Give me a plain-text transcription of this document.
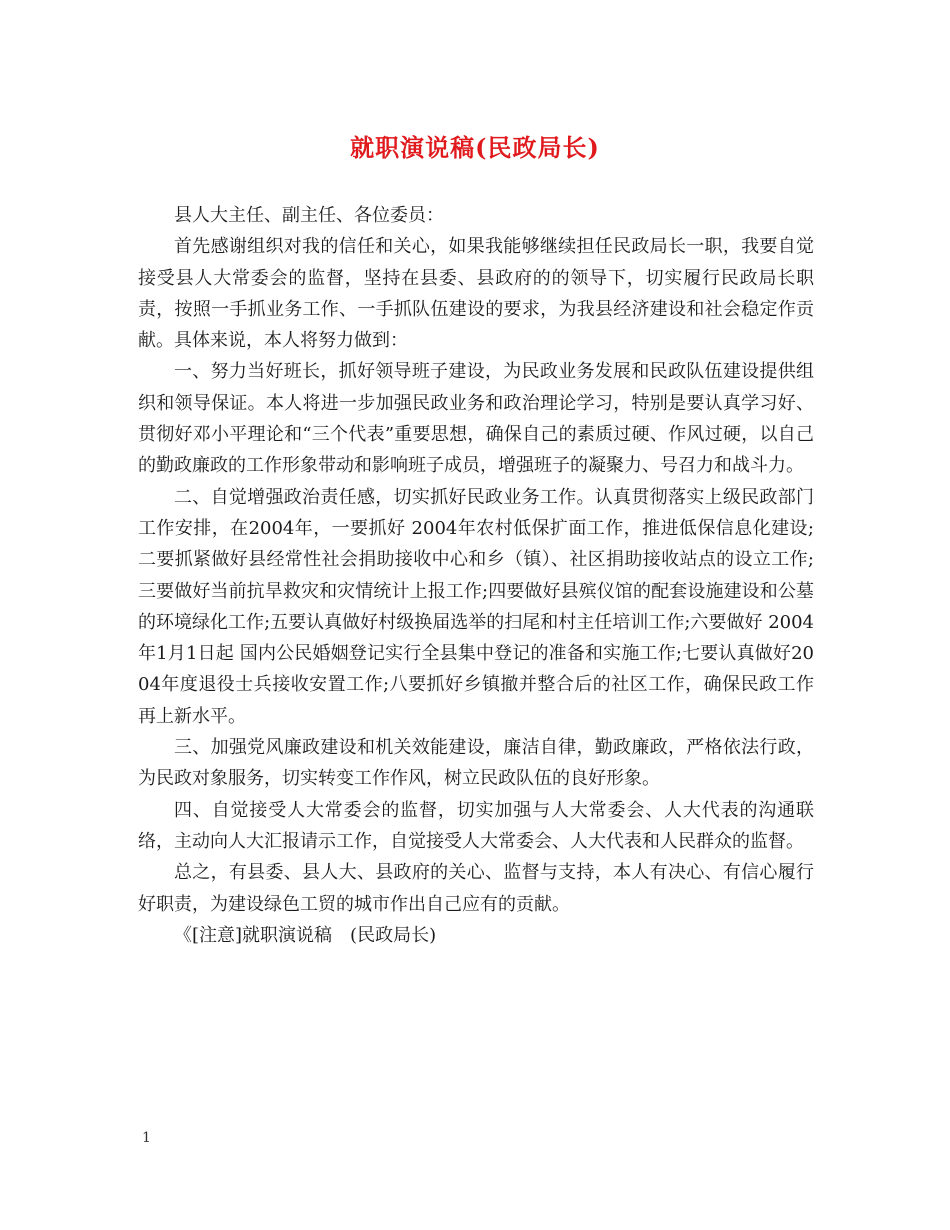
就职演说稿(民政局长)

县人大主任、副主任、各位委员：

首先感谢组织对我的信任和关心，如果我能够继续担任民政局长一职，我要自觉接受县人大常委会的监督，坚持在县委、县政府的的领导下，切实履行民政局长职责，按照一手抓业务工作、一手抓队伍建设的要求，为我县经济建设和社会稳定作贡献。具体来说，本人将努力做到：

一、努力当好班长，抓好领导班子建设，为民政业务发展和民政队伍建设提供组织和领导保证。本人将进一步加强民政业务和政治理论学习，特别是要认真学习好、贯彻好邓小平理论和“三个代表”重要思想，确保自己的素质过硬、作风过硬，以自己的勤政廉政的工作形象带动和影响班子成员，增强班子的凝聚力、号召力和战斗力。

二、自觉增强政治责任感，切实抓好民政业务工作。认真贯彻落实上级民政部门工作安排，在2004年，一要抓好 2004年农村低保扩面工作，推进低保信息化建设;二要抓紧做好县经常性社会捐助接收中心和乡（镇）、社区捐助接收站点的设立工作;三要做好当前抗旱救灾和灾情统计上报工作;四要做好县殡仪馆的配套设施建设和公墓的环境绿化工作;五要认真做好村级换届选举的扫尾和村主任培训工作;六要做好 2004年1月1日起 国内公民婚姻登记实行全县集中登记的准备和实施工作;七要认真做好2004年度退役士兵接收安置工作;八要抓好乡镇撤并整合后的社区工作，确保民政工作再上新水平。

三、加强党风廉政建设和机关效能建设，廉洁自律，勤政廉政，严格依法行政，为民政对象服务，切实转变工作作风，树立民政队伍的良好形象。

四、自觉接受人大常委会的监督，切实加强与人大常委会、人大代表的沟通联络，主动向人大汇报请示工作，自觉接受人大常委会、人大代表和人民群众的监督。

总之，有县委、县人大、县政府的关心、监督与支持，本人有决心、有信心履行好职责，为建设绿色工贸的城市作出自己应有的贡献。

《[注意]就职演说稿　(民政局长)

1
